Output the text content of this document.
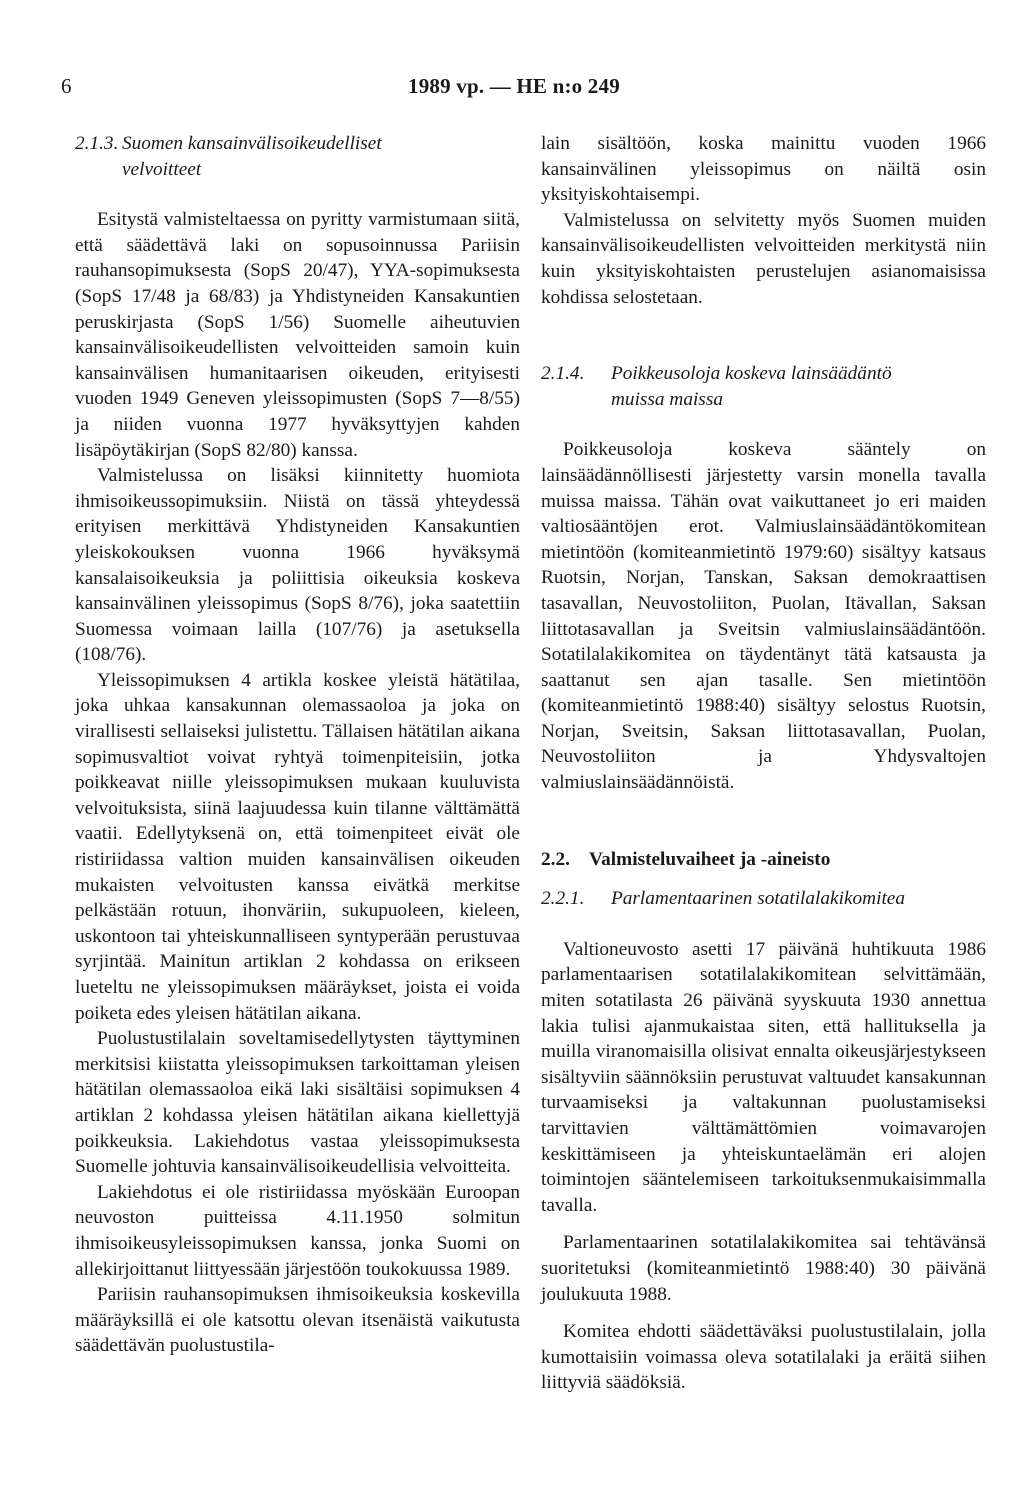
6	1989 vp. — HE n:o 249
2.1.3. Suomen kansainvälisoikeudelliset
velvoitteet

Esitystä valmisteltaessa on pyritty varmistumaan siitä, että säädettävä laki on sopusoinnussa Pariisin rauhansopimuksesta (SopS 20/47), YYA-sopimuksesta (SopS 17/48 ja 68/83) ja Yhdistyneiden Kansakuntien peruskirjasta (SopS 1/56) Suomelle aiheutuvien kansainvälisoikeudellisten velvoitteiden samoin kuin kansainvälisen humanitaarisen oikeuden, erityisesti vuoden 1949 Geneven yleissopimusten (SopS 7—8/55) ja niiden vuonna 1977 hyväksyttyjen kahden lisäpöytäkirjan (SopS 82/80) kanssa.

Valmistelussa on lisäksi kiinnitetty huomiota ihmisoikeussopimuksiin. Niistä on tässä yhteydessä erityisen merkittävä Yhdistyneiden Kansakuntien yleiskokouksen vuonna 1966 hyväksymä kansalaisoikeuksia ja poliittisia oikeuksia koskeva kansainvälinen yleissopimus (SopS 8/76), joka saatettiin Suomessa voimaan lailla (107/76) ja asetuksella (108/76).

Yleissopimuksen 4 artikla koskee yleistä hätätilaa, joka uhkaa kansakunnan olemassaoloa ja joka on virallisesti sellaiseksi julistettu. Tällaisen hätätilan aikana sopimusvaltiot voivat ryhtyä toimenpiteisiin, jotka poikkeavat niille yleissopimuksen mukaan kuuluvista velvoituksista, siinä laajuudessa kuin tilanne välttämättä vaatii. Edellytyksenä on, että toimenpiteet eivät ole ristiriidassa valtion muiden kansainvälisen oikeuden mukaisten velvoitusten kanssa eivätkä merkitse pelkästään rotuun, ihonväriin, sukupuoleen, kieleen, uskontoon tai yhteiskunnalliseen syntyperään perustuvaa syrjintää. Mainitun artiklan 2 kohdassa on erikseen lueteltu ne yleissopimuksen määräykset, joista ei voida poiketa edes yleisen hätätilan aikana.

Puolustustilalain soveltamisedellytysten täyttyminen merkitsisi kiistatta yleissopimuksen tarkoittaman yleisen hätätilan olemassaoloa eikä laki sisältäisi sopimuksen 4 artiklan 2 kohdassa yleisen hätätilan aikana kiellettyjä poikkeuksia. Lakiehdotus vastaa yleissopimuksesta Suomelle johtuvia kansainvälisoikeudellisia velvoitteita.

Lakiehdotus ei ole ristiriidassa myöskään Euroopan neuvoston puitteissa 4.11.1950 solmitun ihmisoikeusyleissopimuksen kanssa, jonka Suomi on allekirjoittanut liittyessään järjestöön toukokuussa 1989.

Pariisin rauhansopimuksen ihmisoikeuksia koskevilla määräyksillä ei ole katsottu olevan itsenäistä vaikutusta säädettävän puolustustila-

lain sisältöön, koska mainittu vuoden 1966 kansainvälinen yleissopimus on näiltä osin yksityiskohtaisempi.

Valmistelussa on selvitetty myös Suomen muiden kansainvälisoikeudellisten velvoitteiden merkitystä niin kuin yksityiskohtaisten perustelujen asianomaisissa kohdissa selostetaan.

2.1.4. Poikkeusoloja koskeva lainsäädäntö
muissa maissa

Poikkeusoloja koskeva sääntely on lainsäädännöllisesti järjestetty varsin monella tavalla muissa maissa. Tähän ovat vaikuttaneet jo eri maiden valtiosääntöjen erot. Valmiuslainsäädäntökomitean mietintöön (komiteanmietintö 1979:60) sisältyy katsaus Ruotsin, Norjan, Tanskan, Saksan demokraattisen tasavallan, Neuvostoliiton, Puolan, Itävallan, Saksan liittotasavallan ja Sveitsin valmiuslainsäädäntöön. Sotatilalakikomitea on täydentänyt tätä katsausta ja saattanut sen ajan tasalle. Sen mietintöön (komiteanmietintö 1988:40) sisältyy selostus Ruotsin, Norjan, Sveitsin, Saksan liittotasavallan, Puolan, Neuvostoliiton ja Yhdysvaltojen valmiuslainsäädännöistä.

2.2. Valmisteluvaiheet ja -aineisto
2.2.1.	Parlamentaarinen sotatilalakikomitea

Valtioneuvosto asetti 17 päivänä huhtikuuta 1986 parlamentaarisen sotatilalakikomitean selvittämään, miten sotatilasta 26 päivänä syyskuuta 1930 annettua lakia tulisi ajanmukaistaa siten, että hallituksella ja muilla viranomaisilla olisivat ennalta oikeusjärjestykseen sisältyviin säännöksiin perustuvat valtuudet kansakunnan turvaamiseksi ja valtakunnan puolustamiseksi tarvittavien välttämättömien voimavarojen keskittämiseen ja yhteiskuntaelämän eri alojen toimintojen sääntelemiseen tarkoituksenmukaisimmalla tavalla.

Parlamentaarinen sotatilalakikomitea sai tehtävänsä suoritetuksi (komiteanmietintö 1988:40) 30 päivänä joulukuuta 1988.

Komitea ehdotti säädettäväksi puolustustilalain, jolla kumottaisiin voimassa oleva sotatilalaki ja eräitä siihen liittyviä säädöksiä.
